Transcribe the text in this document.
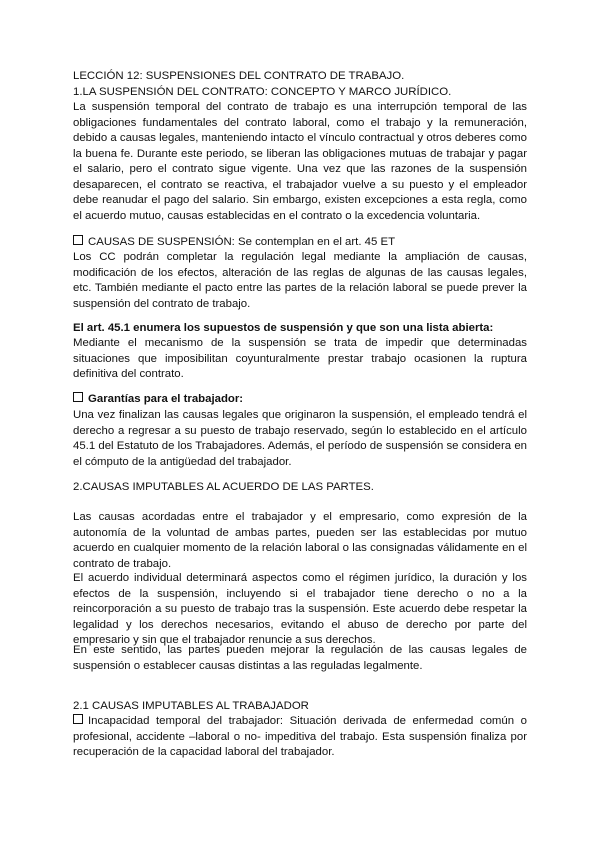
LECCIÓN 12: SUSPENSIONES DEL CONTRATO DE TRABAJO.
1.LA SUSPENSIÓN DEL CONTRATO: CONCEPTO Y MARCO JURÍDICO.

La suspensión temporal del contrato de trabajo es una interrupción temporal de las obligaciones fundamentales del contrato laboral, como el trabajo y la remuneración, debido a causas legales, manteniendo intacto el vínculo contractual y otros deberes como la buena fe. Durante este periodo, se liberan las obligaciones mutuas de trabajar y pagar el salario, pero el contrato sigue vigente. Una vez que las razones de la suspensión desaparecen, el contrato se reactiva, el trabajador vuelve a su puesto y el empleador debe reanudar el pago del salario. Sin embargo, existen excepciones a esta regla, como el acuerdo mutuo, causas establecidas en el contrato o la excedencia voluntaria.

CAUSAS DE SUSPENSIÓN: Se contemplan en el art. 45 ET

Los CC podrán completar la regulación legal mediante la ampliación de causas, modificación de los efectos, alteración de las reglas de algunas de las causas legales, etc. También mediante el pacto entre las partes de la relación laboral se puede prever la suspensión del contrato de trabajo.

El art. 45.1 enumera los supuestos de suspensión y que son una lista abierta:

Mediante el mecanismo de la suspensión se trata de impedir que determinadas situaciones que imposibilitan coyunturalmente prestar trabajo ocasionen la ruptura definitiva del contrato.

Garantías para el trabajador:

Una vez finalizan las causas legales que originaron la suspensión, el empleado tendrá el derecho a regresar a su puesto de trabajo reservado, según lo establecido en el artículo 45.1 del Estatuto de los Trabajadores. Además, el período de suspensión se considera en el cómputo de la antigüedad del trabajador.

2.CAUSAS IMPUTABLES AL ACUERDO DE LAS PARTES.

Las causas acordadas entre el trabajador y el empresario, como expresión de la autonomía de la voluntad de ambas partes, pueden ser las establecidas por mutuo acuerdo en cualquier momento de la relación laboral o las consignadas válidamente en el contrato de trabajo.

El acuerdo individual determinará aspectos como el régimen jurídico, la duración y los efectos de la suspensión, incluyendo si el trabajador tiene derecho o no a la reincorporación a su puesto de trabajo tras la suspensión. Este acuerdo debe respetar la legalidad y los derechos necesarios, evitando el abuso de derecho por parte del empresario y sin que el trabajador renuncie a sus derechos.

En este sentido, las partes pueden mejorar la regulación de las causas legales de suspensión o establecer causas distintas a las reguladas legalmente.

2.1 CAUSAS IMPUTABLES AL TRABAJADOR

Incapacidad temporal del trabajador: Situación derivada de enfermedad común o profesional, accidente –laboral o no- impeditiva del trabajo. Esta suspensión finaliza por recuperación de la capacidad laboral del trabajador.
